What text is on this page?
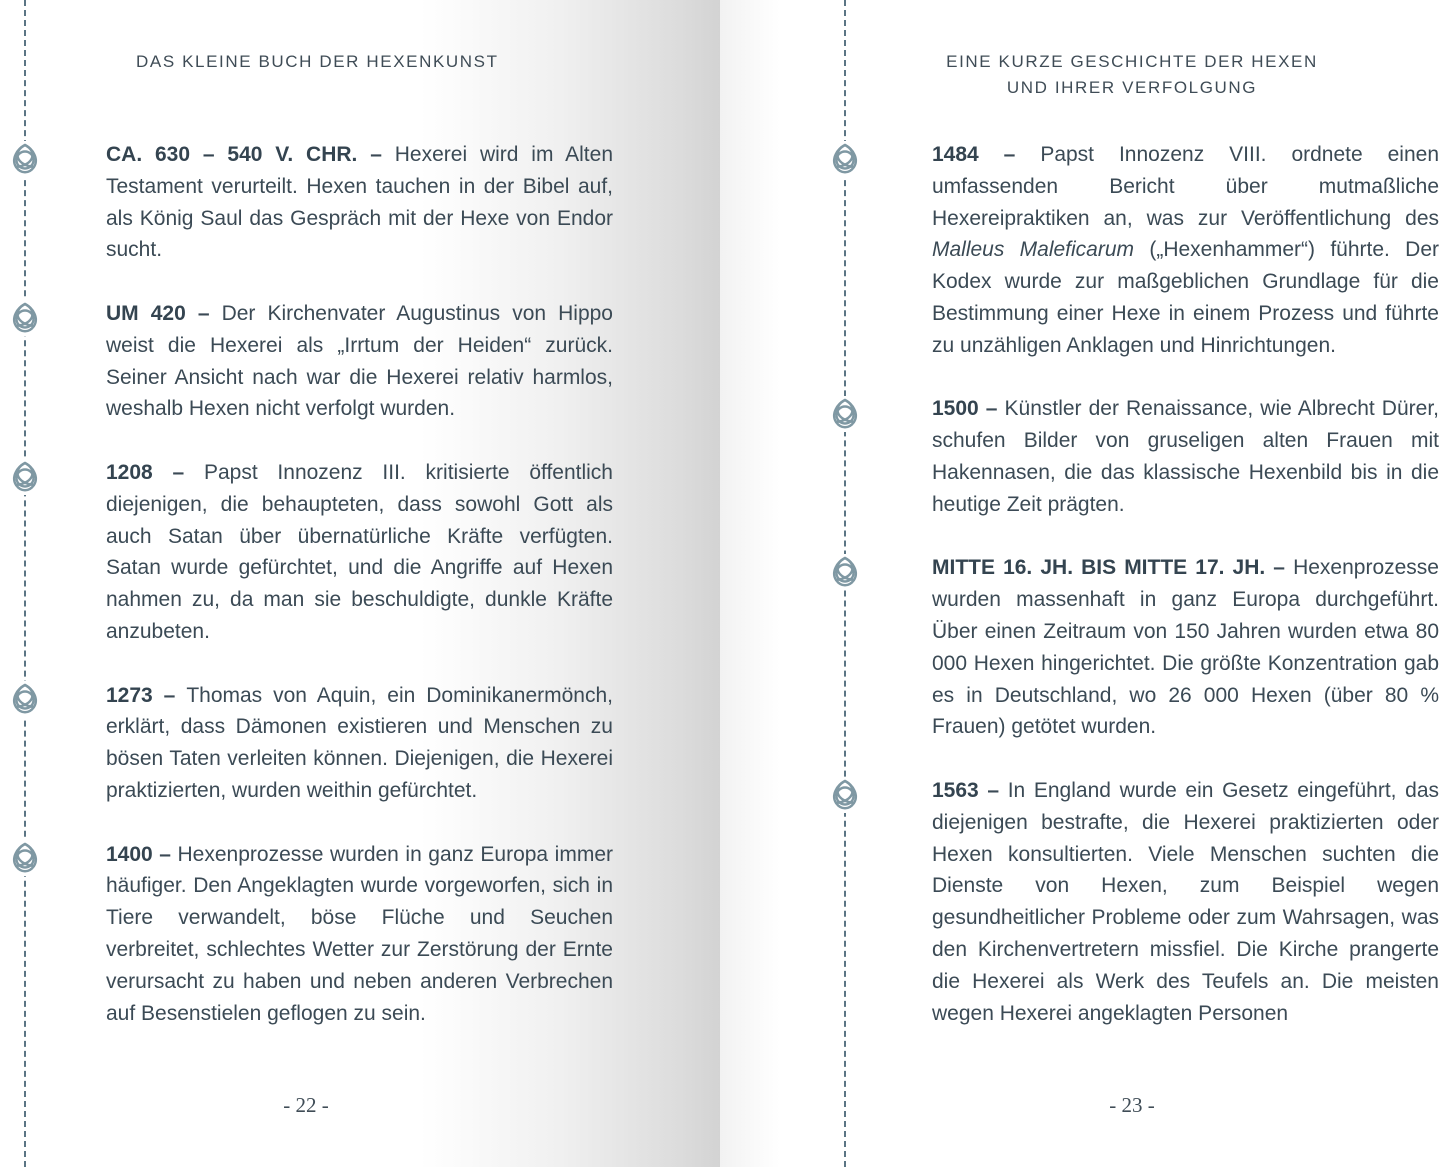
DAS KLEINE BUCH DER HEXENKUNST

CA. 630 – 540 V. CHR. – Hexerei wird im Alten Testament verurteilt. Hexen tauchen in der Bibel auf, als König Saul das Gespräch mit der Hexe von Endor sucht.

UM 420 – Der Kirchenvater Augustinus von Hippo weist die Hexerei als „Irrtum der Heiden“ zurück. Seiner Ansicht nach war die Hexerei relativ harmlos, weshalb Hexen nicht verfolgt wurden.

1208 – Papst Innozenz III. kritisierte öffentlich diejenigen, die behaupteten, dass sowohl Gott als auch Satan über übernatürliche Kräfte verfügten. Satan wurde gefürchtet, und die Angriffe auf Hexen nahmen zu, da man sie beschuldigte, dunkle Kräfte anzubeten.

1273 – Thomas von Aquin, ein Dominikanermönch, erklärt, dass Dämonen existieren und Menschen zu bösen Taten verleiten können. Diejenigen, die Hexerei praktizierten, wurden weithin gefürchtet.

1400 – Hexenprozesse wurden in ganz Europa immer häufiger. Den Angeklagten wurde vorgeworfen, sich in Tiere verwandelt, böse Flüche und Seuchen verbreitet, schlechtes Wetter zur Zerstörung der Ernte verursacht zu haben und neben anderen Verbrechen auf Besenstielen geflogen zu sein.

- 22 -
EINE KURZE GESCHICHTE DER HEXEN
UND IHRER VERFOLGUNG

1484 – Papst Innozenz VIII. ordnete einen umfassenden Bericht über mutmaßliche Hexereipraktiken an, was zur Veröffentlichung des Malleus Maleficarum („Hexenhammer“) führte. Der Kodex wurde zur maßgeblichen Grundlage für die Bestimmung einer Hexe in einem Prozess und führte zu unzähligen Anklagen und Hinrichtungen.

1500 – Künstler der Renaissance, wie Albrecht Dürer, schufen Bilder von gruseligen alten Frauen mit Hakennasen, die das klassische Hexenbild bis in die heutige Zeit prägten.

MITTE 16. JH. BIS MITTE 17. JH. – Hexenprozesse wurden massenhaft in ganz Europa durchgeführt. Über einen Zeitraum von 150 Jahren wurden etwa 80 000 Hexen hingerichtet. Die größte Konzentration gab es in Deutschland, wo 26 000 Hexen (über 80 % Frauen) getötet wurden.

1563 – In England wurde ein Gesetz eingeführt, das diejenigen bestrafte, die Hexerei praktizierten oder Hexen konsultierten. Viele Menschen suchten die Dienste von Hexen, zum Beispiel wegen gesundheitlicher Probleme oder zum Wahrsagen, was den Kirchenvertretern missfiel. Die Kirche prangerte die Hexerei als Werk des Teufels an. Die meisten wegen Hexerei angeklagten Personen

- 23 -
